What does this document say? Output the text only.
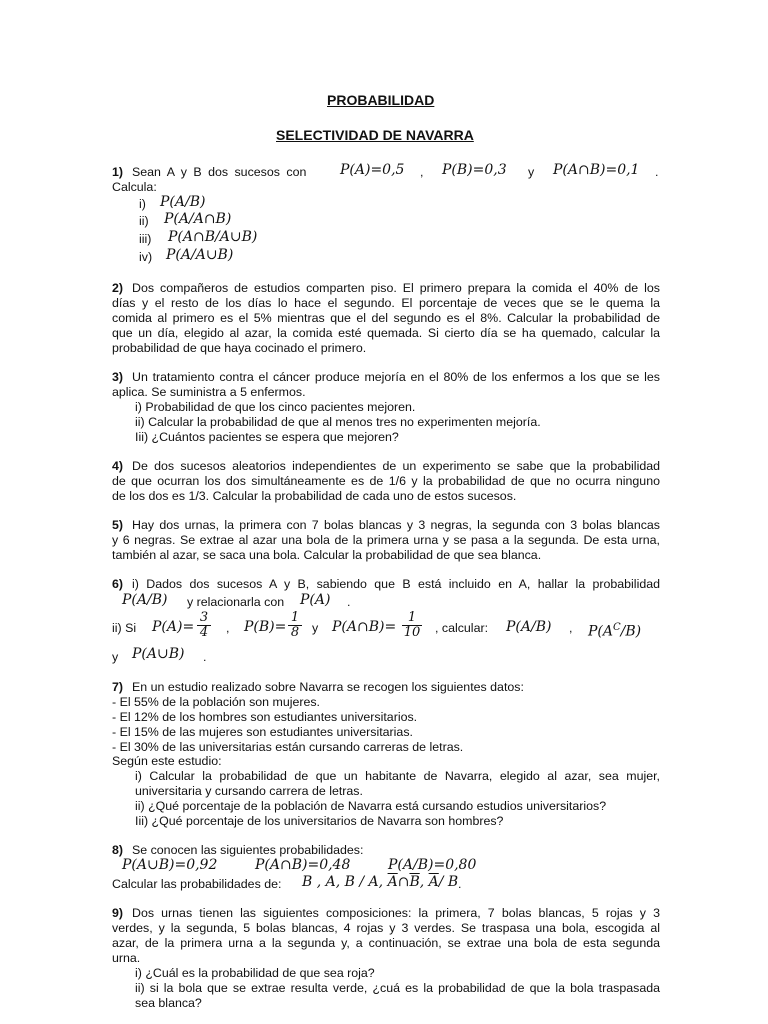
PROBABILIDAD
SELECTIVIDAD DE NAVARRA
1) Sean A y B dos sucesos con P(A)=0,5 , P(B)=0,3 y P(A∩B)=0,1 .
Calcula:
i) P(A/B)
ii) P(A/A∩B)
iii) P(A∩B/A∪B)
iv) P(A/A∪B)
2) Dos compañeros de estudios comparten piso. El primero prepara la comida el 40% de los
días y el resto de los días lo hace el segundo. El porcentaje de veces que se le quema la
comida al primero es el 5% mientras que el del segundo es el 8%. Calcular la probabilidad de
que un día, elegido al azar, la comida esté quemada. Si cierto día se ha quemado, calcular la
probabilidad de que haya cocinado el primero.
3) Un tratamiento contra el cáncer produce mejoría en el 80% de los enfermos a los que se les
aplica. Se suministra a 5 enfermos.
i) Probabilidad de que los cinco pacientes mejoren.
ii) Calcular la probabilidad de que al menos tres no experimenten mejoría.
Iii) ¿Cuántos pacientes se espera que mejoren?
4) De dos sucesos aleatorios independientes de un experimento se sabe que la probabilidad
de que ocurran los dos simultáneamente es de 1/6 y la probabilidad de que no ocurra ninguno
de los dos es 1/3. Calcular la probabilidad de cada uno de estos sucesos.
5) Hay dos urnas, la primera con 7 bolas blancas y 3 negras, la segunda con 3 bolas blancas
y 6 negras. Se extrae al azar una bola de la primera urna y se pasa a la segunda. De esta urna,
también al azar, se saca una bola. Calcular la probabilidad de que sea blanca.
6) i) Dados dos sucesos A y B, sabiendo que B está incluido en A, hallar la probabilidad
P(A/B) y relacionarla con P(A) .
ii) Si P(A)=
3
4 , P(B)=
1
8 y P(A∩B)=
1
10 , calcular: P(A/B) , $P(A^C/B)$
y P(A∪B) .
7) En un estudio realizado sobre Navarra se recogen los siguientes datos:
- El 55% de la población son mujeres.
- El 12% de los hombres son estudiantes universitarios.
- El 15% de las mujeres son estudiantes universitarias.
- El 30% de las universitarias están cursando carreras de letras.
Según este estudio:
i) Calcular la probabilidad de que un habitante de Navarra, elegido al azar, sea mujer,
universitaria y cursando carrera de letras.
ii) ¿Qué porcentaje de la población de Navarra está cursando estudios universitarios?
Iii) ¿Qué porcentaje de los universitarios de Navarra son hombres?
8) Se conocen las siguientes probabilidades:
P(A∪B)=0,92	P(A∩B)=0,48	P(A/B)=0,80
Calcular las probabilidades de: B , A, B / A, $\overline{A}\cap\overline{B}$, $\overline{A}/$ B .
9) Dos urnas tienen las siguientes composiciones: la primera, 7 bolas blancas, 5 rojas y 3
verdes, y la segunda, 5 bolas blancas, 4 rojas y 3 verdes. Se traspasa una bola, escogida al
azar, de la primera urna a la segunda y, a continuación, se extrae una bola de esta segunda
urna.
i) ¿Cuál es la probabilidad de que sea roja?
ii) si la bola que se extrae resulta verde, ¿cuá es la probabilidad de que la bola traspasada
sea blanca?
